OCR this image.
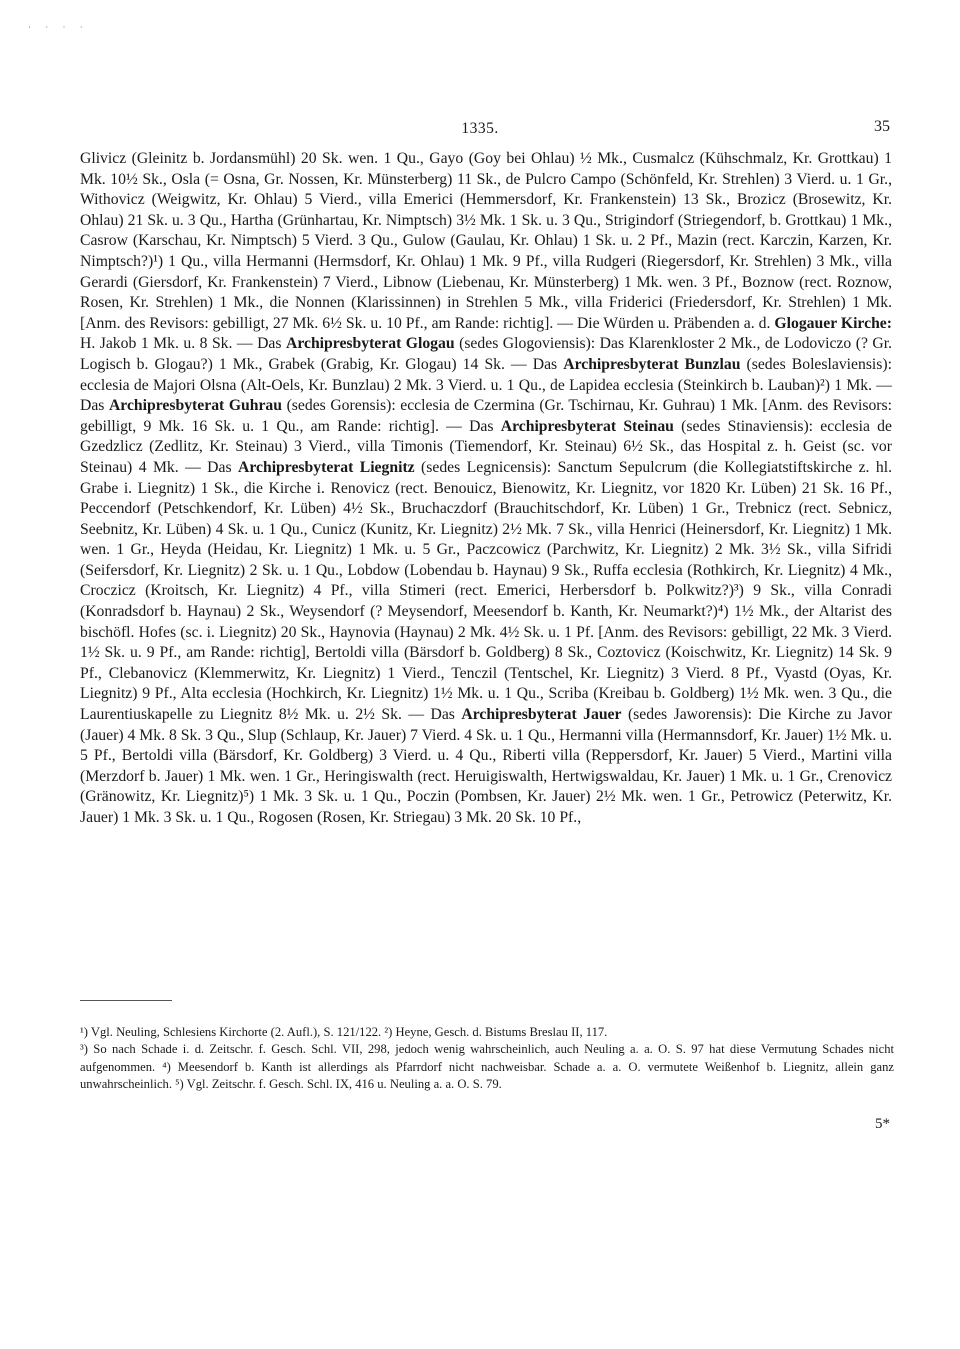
· · · ·
1335.	35

Glivicz (Gleinitz b. Jordansmühl) 20 Sk. wen. 1 Qu., Gayo (Goy bei Ohlau) ½ Mk., Cusmalcz (Kühschmalz, Kr. Grottkau) 1 Mk. 10½ Sk., Osla (= Osna, Gr. Nossen, Kr. Münsterberg) 11 Sk., de Pulcro Campo (Schönfeld, Kr. Strehlen) 3 Vierd. u. 1 Gr., Withovicz (Weigwitz, Kr. Ohlau) 5 Vierd., villa Emerici (Hemmersdorf, Kr. Frankenstein) 13 Sk., Brozicz (Brosewitz, Kr. Ohlau) 21 Sk. u. 3 Qu., Hartha (Grünhartau, Kr. Nimptsch) 3½ Mk. 1 Sk. u. 3 Qu., Strigindorf (Striegendorf, b. Grottkau) 1 Mk., Casrow (Karschau, Kr. Nimptsch) 5 Vierd. 3 Qu., Gulow (Gaulau, Kr. Ohlau) 1 Sk. u. 2 Pf., Mazin (rect. Karczin, Karzen, Kr. Nimptsch?)¹) 1 Qu., villa Hermanni (Hermsdorf, Kr. Ohlau) 1 Mk. 9 Pf., villa Rudgeri (Riegersdorf, Kr. Strehlen) 3 Mk., villa Gerardi (Giersdorf, Kr. Frankenstein) 7 Vierd., Libnow (Liebenau, Kr. Münsterberg) 1 Mk. wen. 3 Pf., Boznow (rect. Roznow, Rosen, Kr. Strehlen) 1 Mk., die Nonnen (Klarissinnen) in Strehlen 5 Mk., villa Friderici (Friedersdorf, Kr. Strehlen) 1 Mk. [Anm. des Revisors: gebilligt, 27 Mk. 6½ Sk. u. 10 Pf., am Rande: richtig]. — Die Würden u. Präbenden a. d. Glogauer Kirche: H. Jakob 1 Mk. u. 8 Sk. — Das Archipresbyterat Glogau (sedes Glogoviensis): Das Klarenkloster 2 Mk., de Lodoviczo (? Gr. Logisch b. Glogau?) 1 Mk., Grabek (Grabig, Kr. Glogau) 14 Sk. — Das Archipresbyterat Bunzlau (sedes Boleslaviensis): ecclesia de Majori Olsna (Alt-Oels, Kr. Bunzlau) 2 Mk. 3 Vierd. u. 1 Qu., de Lapidea ecclesia (Steinkirch b. Lauban)²) 1 Mk. — Das Archipresbyterat Guhrau (sedes Gorensis): ecclesia de Czermina (Gr. Tschirnau, Kr. Guhrau) 1 Mk. [Anm. des Revisors: gebilligt, 9 Mk. 16 Sk. u. 1 Qu., am Rande: richtig]. — Das Archipresbyterat Steinau (sedes Stinaviensis): ecclesia de Gzedzlicz (Zedlitz, Kr. Steinau) 3 Vierd., villa Timonis (Tiemendorf, Kr. Steinau) 6½ Sk., das Hospital z. h. Geist (sc. vor Steinau) 4 Mk. — Das Archipresbyterat Liegnitz (sedes Legnicensis): Sanctum Sepulcrum (die Kollegiatstiftskirche z. hl. Grabe i. Liegnitz) 1 Sk., die Kirche i. Renovicz (rect. Benouicz, Bienowitz, Kr. Liegnitz, vor 1820 Kr. Lüben) 21 Sk. 16 Pf., Peccendorf (Petschkendorf, Kr. Lüben) 4½ Sk., Bruchaczdorf (Brauchitschdorf, Kr. Lüben) 1 Gr., Trebnicz (rect. Sebnicz, Seebnitz, Kr. Lüben) 4 Sk. u. 1 Qu., Cunicz (Kunitz, Kr. Liegnitz) 2½ Mk. 7 Sk., villa Henrici (Heinersdorf, Kr. Liegnitz) 1 Mk. wen. 1 Gr., Heyda (Heidau, Kr. Liegnitz) 1 Mk. u. 5 Gr., Paczcowicz (Parchwitz, Kr. Liegnitz) 2 Mk. 3½ Sk., villa Sifridi (Seifersdorf, Kr. Liegnitz) 2 Sk. u. 1 Qu., Lobdow (Lobendau b. Haynau) 9 Sk., Ruffa ecclesia (Rothkirch, Kr. Liegnitz) 4 Mk., Croczicz (Kroitsch, Kr. Liegnitz) 4 Pf., villa Stimeri (rect. Emerici, Herbersdorf b. Polkwitz?)³) 9 Sk., villa Conradi (Konradsdorf b. Haynau) 2 Sk., Weysendorf (? Meysendorf, Meesendorf b. Kanth, Kr. Neumarkt?)⁴) 1½ Mk., der Altarist des bischöfl. Hofes (sc. i. Liegnitz) 20 Sk., Haynovia (Haynau) 2 Mk. 4½ Sk. u. 1 Pf. [Anm. des Revisors: gebilligt, 22 Mk. 3 Vierd. 1½ Sk. u. 9 Pf., am Rande: richtig], Bertoldi villa (Bärsdorf b. Goldberg) 8 Sk., Coztovicz (Koischwitz, Kr. Liegnitz) 14 Sk. 9 Pf., Clebanovicz (Klemmerwitz, Kr. Liegnitz) 1 Vierd., Tenczil (Tentschel, Kr. Liegnitz) 3 Vierd. 8 Pf., Vyastd (Oyas, Kr. Liegnitz) 9 Pf., Alta ecclesia (Hochkirch, Kr. Liegnitz) 1½ Mk. u. 1 Qu., Scriba (Kreibau b. Goldberg) 1½ Mk. wen. 3 Qu., die Laurentiuskapelle zu Liegnitz 8½ Mk. u. 2½ Sk. — Das Archipresbyterat Jauer (sedes Jaworensis): Die Kirche zu Javor (Jauer) 4 Mk. 8 Sk. 3 Qu., Slup (Schlaup, Kr. Jauer) 7 Vierd. 4 Sk. u. 1 Qu., Hermanni villa (Hermannsdorf, Kr. Jauer) 1½ Mk. u. 5 Pf., Bertoldi villa (Bärsdorf, Kr. Goldberg) 3 Vierd. u. 4 Qu., Riberti villa (Reppersdorf, Kr. Jauer) 5 Vierd., Martini villa (Merzdorf b. Jauer) 1 Mk. wen. 1 Gr., Heringiswalth (rect. Heruigiswalth, Hertwigswaldau, Kr. Jauer) 1 Mk. u. 1 Gr., Crenovicz (Gränowitz, Kr. Liegnitz)⁵) 1 Mk. 3 Sk. u. 1 Qu., Poczin (Pombsen, Kr. Jauer) 2½ Mk. wen. 1 Gr., Petrowicz (Peterwitz, Kr. Jauer) 1 Mk. 3 Sk. u. 1 Qu., Rogosen (Rosen, Kr. Striegau) 3 Mk. 20 Sk. 10 Pf.,

¹) Vgl. Neuling, Schlesiens Kirchorte (2. Aufl.), S. 121/122. ²) Heyne, Gesch. d. Bistums Breslau II, 117.

³) So nach Schade i. d. Zeitschr. f. Gesch. Schl. VII, 298, jedoch wenig wahrscheinlich, auch Neuling a. a. O. S. 97 hat diese Vermutung Schades nicht aufgenommen. ⁴) Meesendorf b. Kanth ist allerdings als Pfarrdorf nicht nachweisbar. Schade a. a. O. vermutete Weißenhof b. Liegnitz, allein ganz unwahrscheinlich. ⁵) Vgl. Zeitschr. f. Gesch. Schl. IX, 416 u. Neuling a. a. O. S. 79.

5*
